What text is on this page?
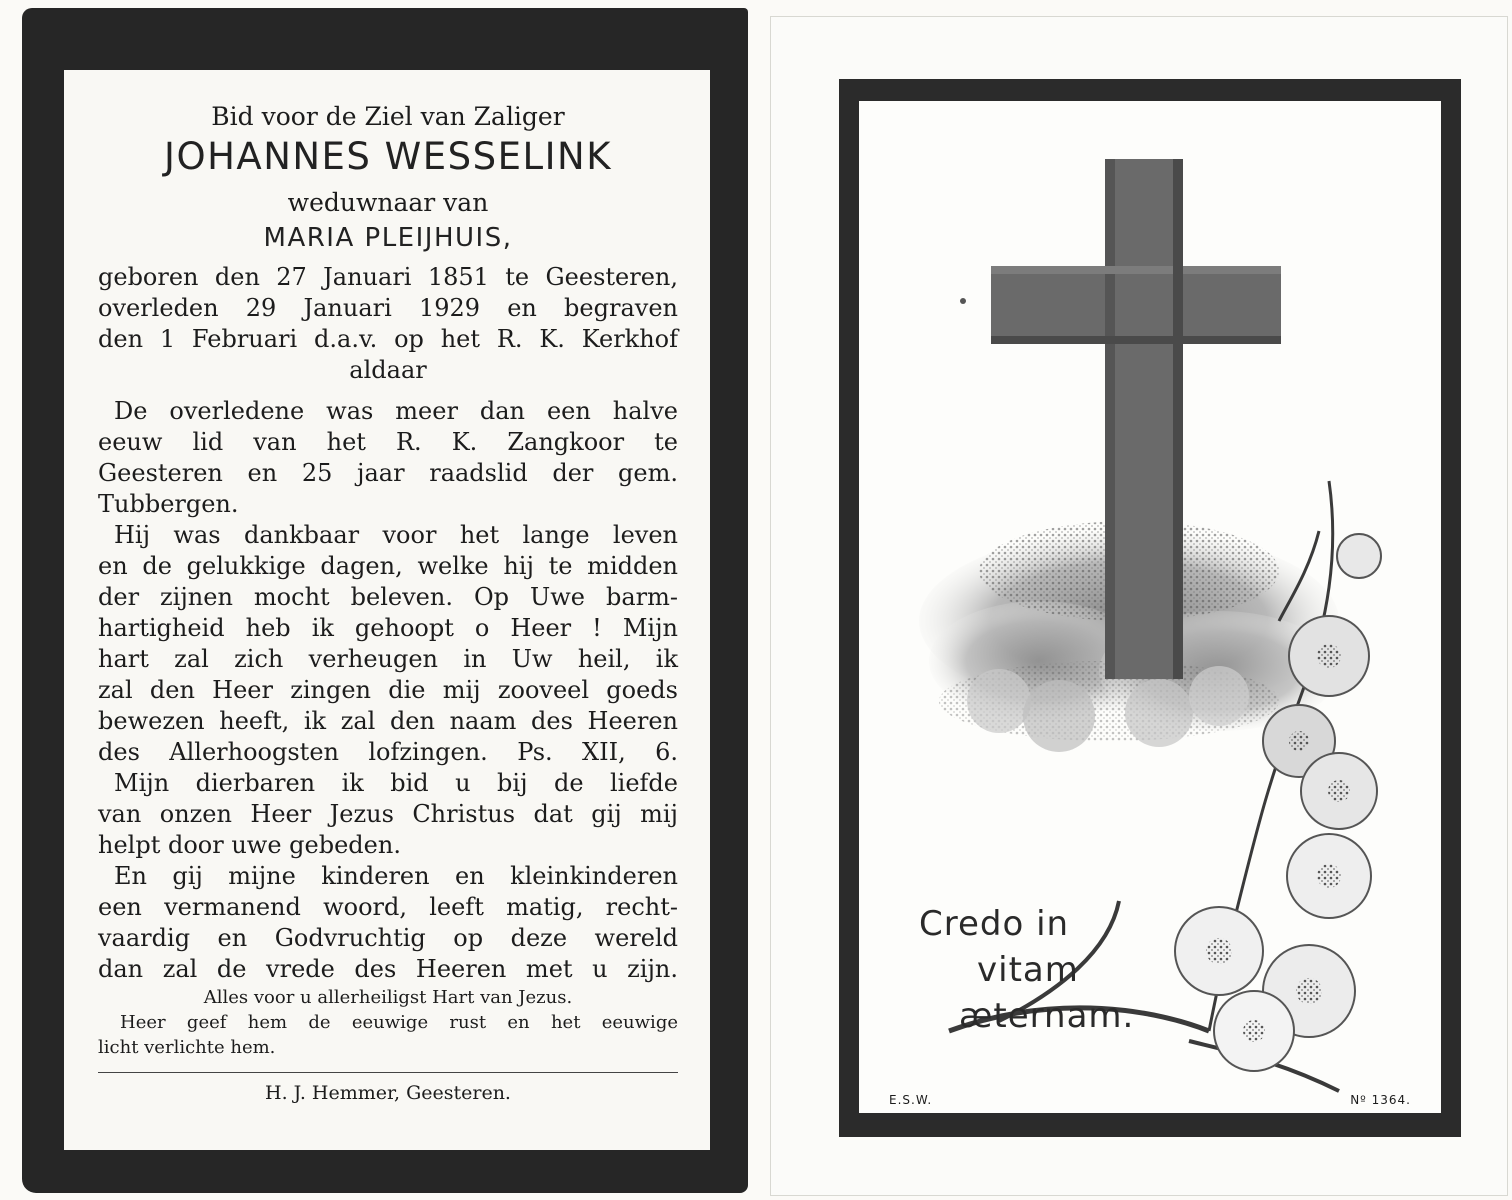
Bid voor de Ziel van Zaliger
JOHANNES WESSELINK
weduwnaar van
MARIA PLEIJHUIS,
geboren den 27 Januari 1851 te Geesteren,
overleden 29 Januari 1929 en begraven
den 1 Februari d.a.v. op het R. K. Kerkhof
aldaar
De overledene was meer dan een halve
eeuw lid van het R. K. Zangkoor te
Geesteren en 25 jaar raadslid der gem.
Tubbergen.
Hij was dankbaar voor het lange leven
en de gelukkige dagen, welke hij te midden
der zijnen mocht beleven. Op Uwe barm-
hartigheid heb ik gehoopt o Heer ! Mijn
hart zal zich verheugen in Uw heil, ik
zal den Heer zingen die mij zooveel goeds
bewezen heeft, ik zal den naam des Heeren
des Allerhoogsten lofzingen. Ps. XII, 6.
Mijn dierbaren ik bid u bij de liefde
van onzen Heer Jezus Christus dat gij mij
helpt door uwe gebeden.
En gij mijne kinderen en kleinkinderen
een vermanend woord, leeft matig, recht-
vaardig en Godvruchtig op deze wereld
dan zal de vrede des Heeren met u zijn.
Alles voor u allerheiligst Hart van Jezus.
Heer geef hem de eeuwige rust en het eeuwige
licht verlichte hem.
H. J. Hemmer, Geesteren.
Credo in
vitam
æternam.
E.S.W.	Nº 1364.
